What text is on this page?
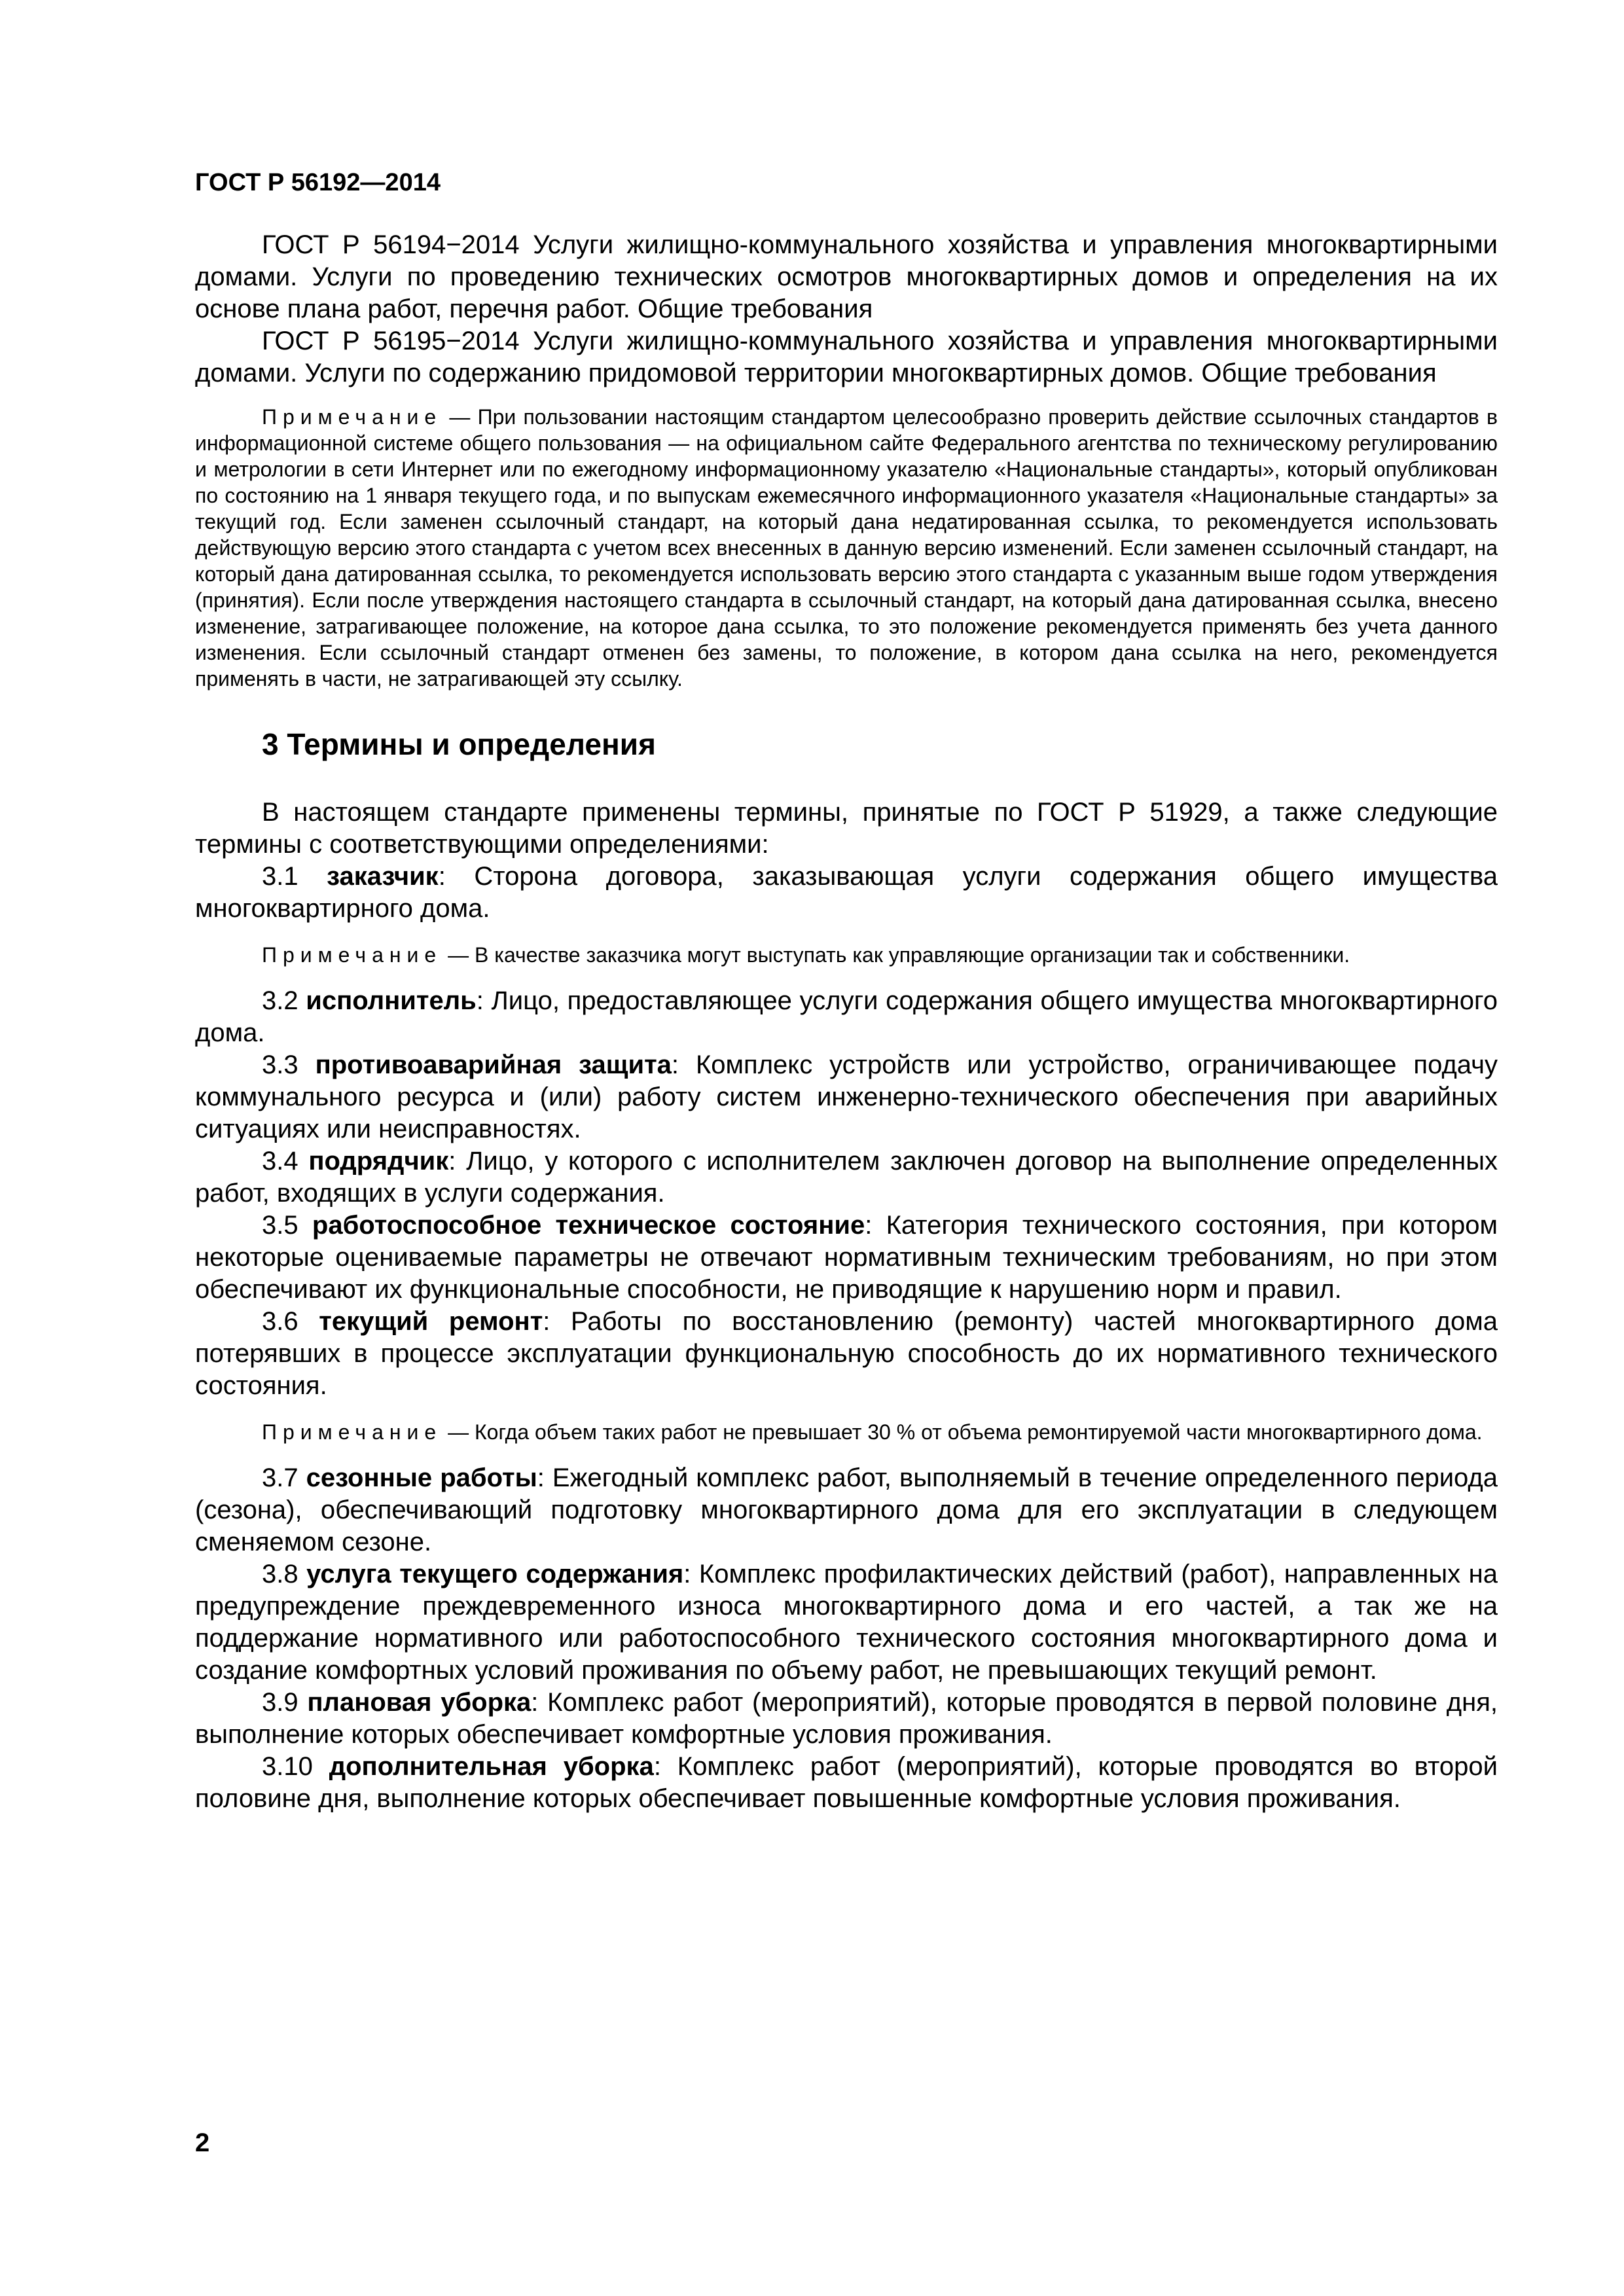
ГОСТ Р 56192—2014

ГОСТ Р 56194−2014 Услуги жилищно-коммунального хозяйства и управления многоквартирными домами. Услуги по проведению технических осмотров многоквартирных домов и определения на их основе плана работ, перечня работ. Общие требования

ГОСТ Р 56195−2014 Услуги жилищно-коммунального хозяйства и управления многоквартирными домами. Услуги по содержанию придомовой территории многоквартирных домов. Общие требования

Примечание — При пользовании настоящим стандартом целесообразно проверить действие ссылочных стандартов в информационной системе общего пользования — на официальном сайте Федерального агентства по техническому регулированию и метрологии в сети Интернет или по ежегодному информационному указателю «Национальные стандарты», который опубликован по состоянию на 1 января текущего года, и по выпускам ежемесячного информационного указателя «Национальные стандарты» за текущий год. Если заменен ссылочный стандарт, на который дана недатированная ссылка, то рекомендуется использовать действующую версию этого стандарта с учетом всех внесенных в данную версию изменений. Если заменен ссылочный стандарт, на который дана датированная ссылка, то рекомендуется использовать версию этого стандарта с указанным выше годом утверждения (принятия). Если после утверждения настоящего стандарта в ссылочный стандарт, на который дана датированная ссылка, внесено изменение, затрагивающее положение, на которое дана ссылка, то это положение рекомендуется применять без учета данного изменения. Если ссылочный стандарт отменен без замены, то положение, в котором дана ссылка на него, рекомендуется применять в части, не затрагивающей эту ссылку.

3 Термины и определения

В настоящем стандарте применены термины, принятые по ГОСТ Р 51929, а также следующие термины с соответствующими определениями:

3.1 заказчик: Сторона договора, заказывающая услуги содержания общего имущества многоквартирного дома.

Примечание — В качестве заказчика могут выступать как управляющие организации так и собственники.

3.2 исполнитель: Лицо, предоставляющее услуги содержания общего имущества многоквартирного дома.

3.3 противоаварийная защита: Комплекс устройств или устройство, ограничивающее подачу коммунального ресурса и (или) работу систем инженерно-технического обеспечения при аварийных ситуациях или неисправностях.

3.4 подрядчик: Лицо, у которого с исполнителем заключен договор на выполнение определенных работ, входящих в услуги содержания.

3.5 работоспособное техническое состояние: Категория технического состояния, при котором некоторые оцениваемые параметры не отвечают нормативным техническим требованиям, но при этом обеспечивают их функциональные способности, не приводящие к нарушению норм и правил.

3.6 текущий ремонт: Работы по восстановлению (ремонту) частей многоквартирного дома потерявших в процессе эксплуатации функциональную способность до их нормативного технического состояния.

Примечание — Когда объем таких работ не превышает 30 % от объема ремонтируемой части многоквартирного дома.

3.7 сезонные работы: Ежегодный комплекс работ, выполняемый в течение определенного периода (сезона), обеспечивающий подготовку многоквартирного дома для его эксплуатации в следующем сменяемом сезоне.

3.8 услуга текущего содержания: Комплекс профилактических действий (работ), направленных на предупреждение преждевременного износа многоквартирного дома и его частей, а так же на поддержание нормативного или работоспособного технического состояния многоквартирного дома и создание комфортных условий проживания по объему работ, не превышающих текущий ремонт.

3.9 плановая уборка: Комплекс работ (мероприятий), которые проводятся в первой половине дня, выполнение которых обеспечивает комфортные условия проживания.

3.10 дополнительная уборка: Комплекс работ (мероприятий), которые проводятся во второй половине дня, выполнение которых обеспечивает повышенные комфортные условия проживания.

2
